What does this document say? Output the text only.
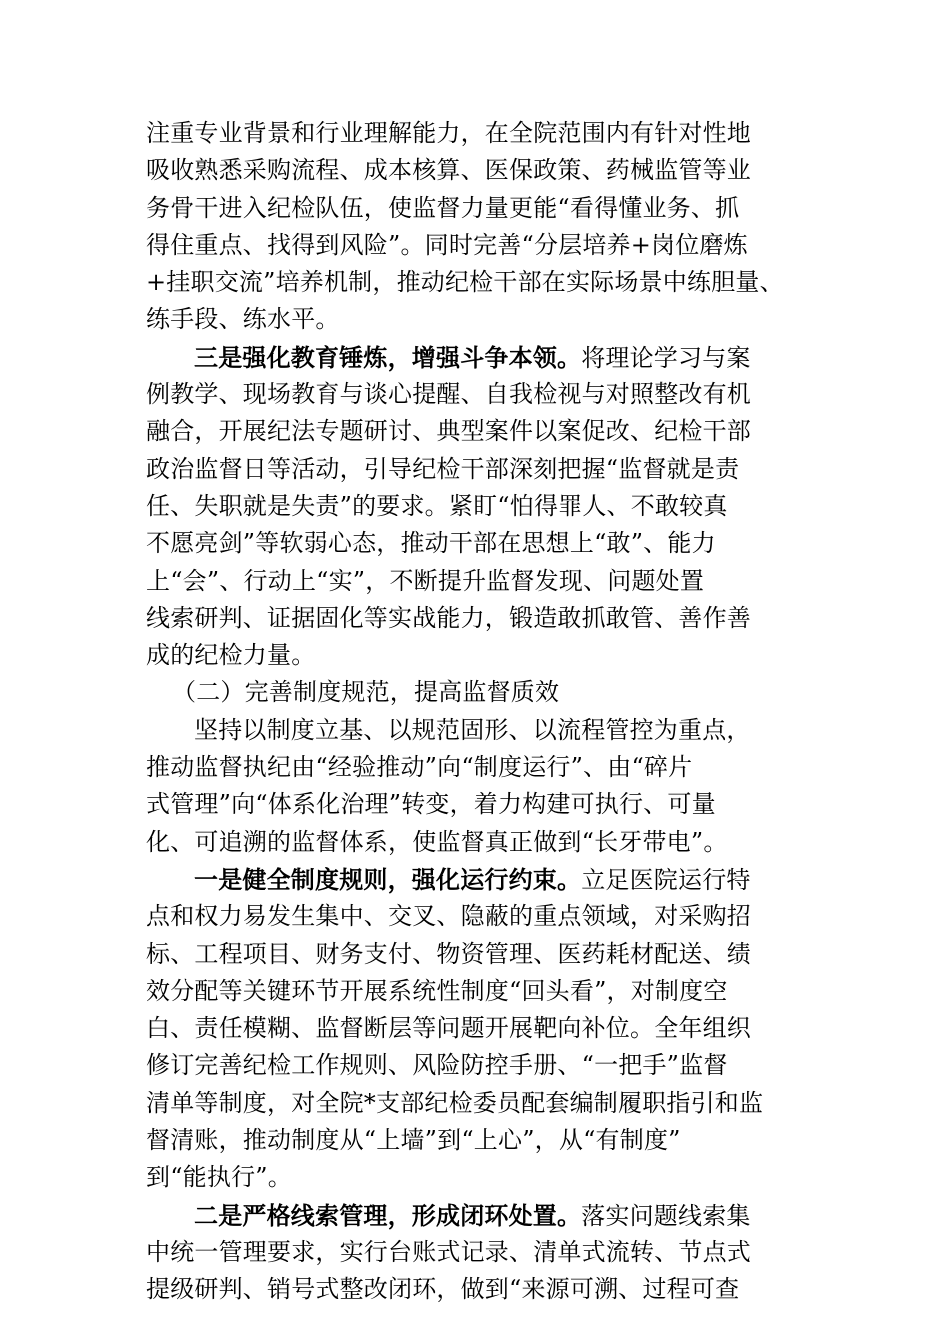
注重专业背景和行业理解能力，在全院范围内有针对性地
吸收熟悉采购流程、成本核算、医保政策、药械监管等业
务骨干进入纪检队伍，使监督力量更能“看得懂业务、抓
得住重点、找得到风险”。同时完善“分层培养+岗位磨炼
+挂职交流”培养机制，推动纪检干部在实际场景中练胆量、
练手段、练水平。
三是强化教育锤炼，增强斗争本领。将理论学习与案
例教学、现场教育与谈心提醒、自我检视与对照整改有机
融合，开展纪法专题研讨、典型案件以案促改、纪检干部
政治监督日等活动，引导纪检干部深刻把握“监督就是责
任、失职就是失责”的要求。紧盯“怕得罪人、不敢较真
不愿亮剑”等软弱心态，推动干部在思想上“敢”、能力
上“会”、行动上“实”，不断提升监督发现、问题处置
线索研判、证据固化等实战能力，锻造敢抓敢管、善作善
成的纪检力量。
（二）完善制度规范，提高监督质效
坚持以制度立基、以规范固形、以流程管控为重点，
推动监督执纪由“经验推动”向“制度运行”、由“碎片
式管理”向“体系化治理”转变，着力构建可执行、可量
化、可追溯的监督体系，使监督真正做到“长牙带电”。
一是健全制度规则，强化运行约束。立足医院运行特
点和权力易发生集中、交叉、隐蔽的重点领域，对采购招
标、工程项目、财务支付、物资管理、医药耗材配送、绩
效分配等关键环节开展系统性制度“回头看”，对制度空
白、责任模糊、监督断层等问题开展靶向补位。全年组织
修订完善纪检工作规则、风险防控手册、“一把手”监督
清单等制度，对全院*支部纪检委员配套编制履职指引和监
督清账，推动制度从“上墙”到“上心”，从“有制度”
到“能执行”。
二是严格线索管理，形成闭环处置。落实问题线索集
中统一管理要求，实行台账式记录、清单式流转、节点式
提级研判、销号式整改闭环，做到“来源可溯、过程可查
